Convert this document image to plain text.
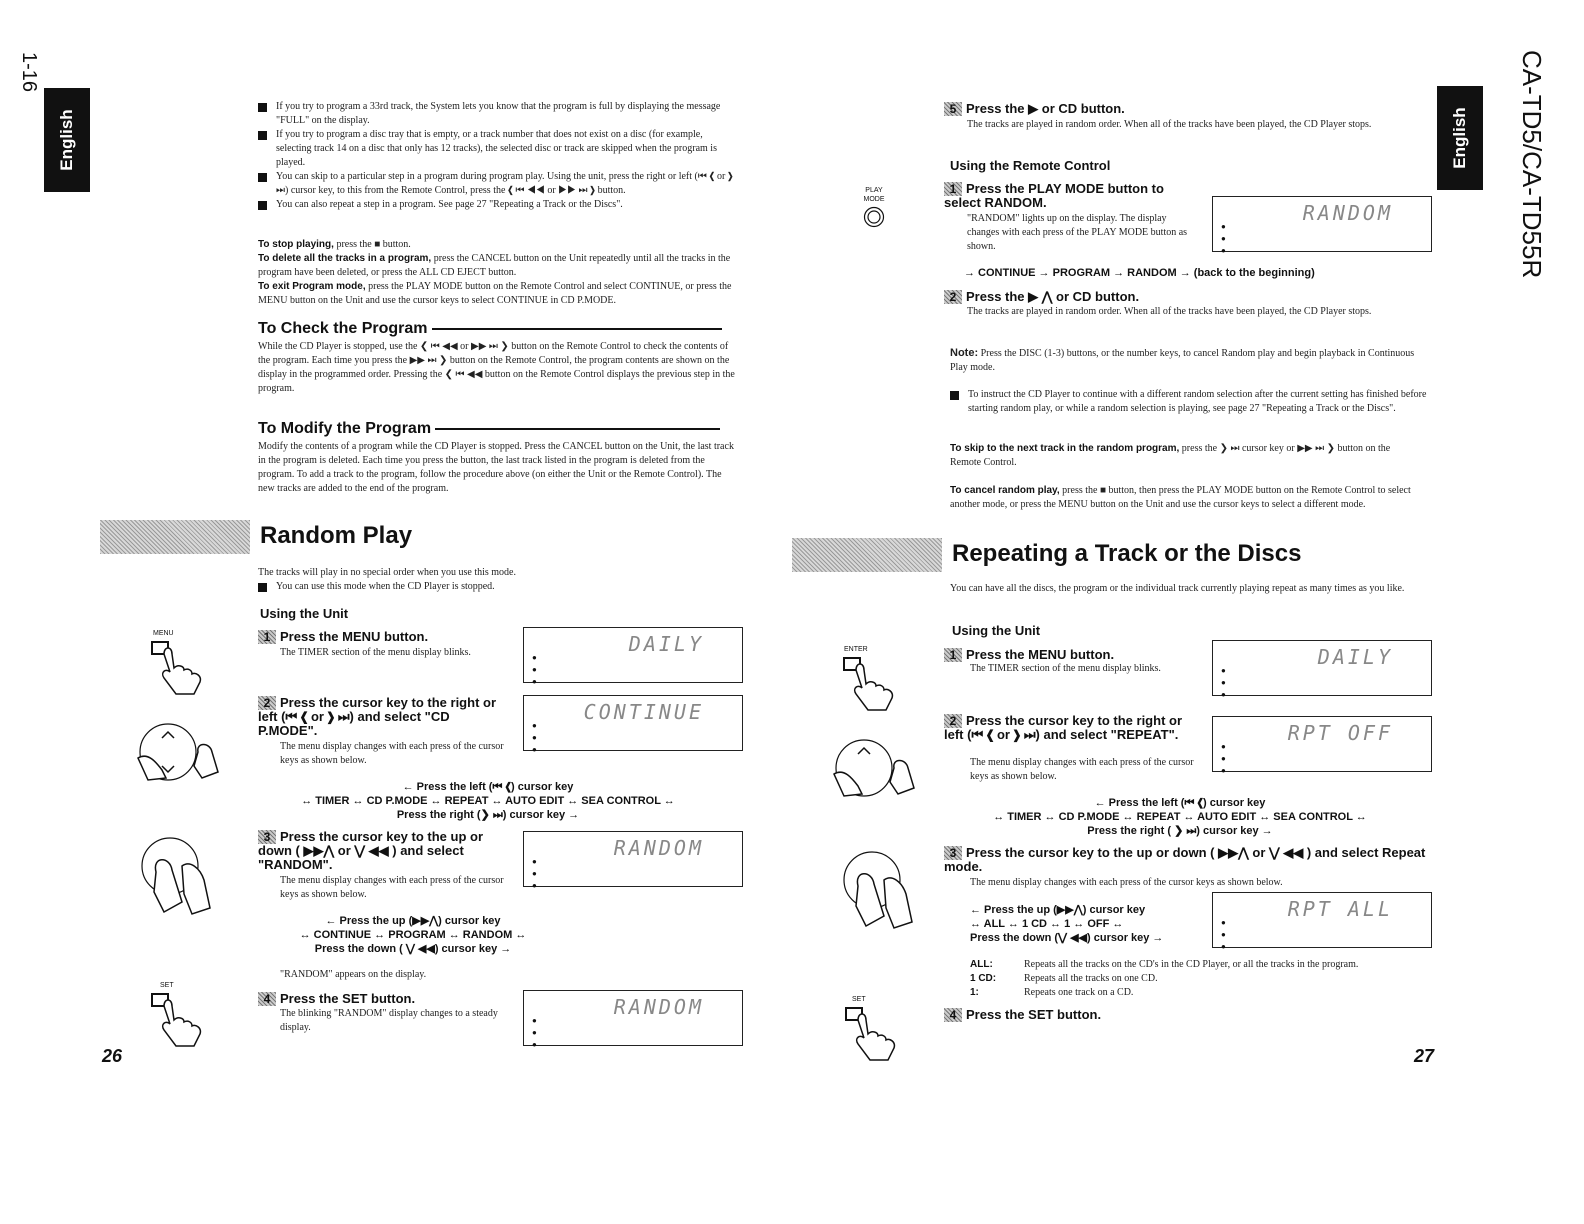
1-16
English
If you try to program a 33rd track, the System lets you know that the program is full by displaying the message "FULL" on the display.
If you try to program a disc tray that is empty, or a track number that does not exist on a disc (for example, selecting track 14 on a disc that only has 12 tracks), the selected disc or track are skipped when the program is played.
You can skip to a particular step in a program during program play. Using the unit, press the right or left (⏮ ❮ or ❯ ⏭) cursor key, to this from the Remote Control, press the ❮ ⏮ ◀◀ or ▶▶ ⏭ ❯ button.
You can also repeat a step in a program. See page 27 "Repeating a Track or the Discs".
To stop playing, press the ■ button.
To delete all the tracks in a program, press the CANCEL button on the Unit repeatedly until all the tracks in the program have been deleted, or press the ALL CD EJECT button.
To exit Program mode, press the PLAY MODE button on the Remote Control and select CONTINUE, or press the MENU button on the Unit and use the cursor keys to select CONTINUE in CD P.MODE.
To Check the Program
While the CD Player is stopped, use the ❮ ⏮ ◀◀ or ▶▶ ⏭ ❯ button on the Remote Control to check the contents of the program. Each time you press the ▶▶ ⏭ ❯ button on the Remote Control, the program contents are shown on the display in the programmed order. Pressing the ❮ ⏮ ◀◀ button on the Remote Control displays the previous step in the program.
To Modify the Program
Modify the contents of a program while the CD Player is stopped. Press the CANCEL button on the Unit, the last track in the program is deleted. Each time you press the button, the last track listed in the program is deleted from the program. To add a track to the program, follow the procedure above (on either the Unit or the Remote Control). The new tracks are added to the end of the program.
Random Play
The tracks will play in no special order when you use this mode.
You can use this mode when the CD Player is stopped.
Using the Unit
MENU	1 Press the MENU button.
The TIMER section of the menu display blinks.	DAILY
●
●
●
2 Press the cursor key to the right or left (⏮ ❮ or ❯ ⏭) and select "CD P.MODE".
The menu display changes with each press of the cursor keys as shown below.
CONTINUE
●
●
●
← Press the left (⏮ ❮) cursor key
↔ TIMER ↔ CD P.MODE ↔ REPEAT ↔ AUTO EDIT ↔ SEA CONTROL ↔
Press the right (❯ ⏭) cursor key →
3 Press the cursor key to the up or down ( ▶▶⋀ or ⋁ ◀◀ ) and select "RANDOM".
The menu display changes with each press of the cursor keys as shown below.
RANDOM
●
●
●
← Press the up (▶▶⋀) cursor key
↔ CONTINUE ↔ PROGRAM ↔ RANDOM ↔
Press the down ( ⋁ ◀◀) cursor key →
"RANDOM" appears on the display.
SET
4 Press the SET button.
The blinking "RANDOM" display changes to a steady display.
RANDOM
●
●
●
26
CA-TD5/CA-TD55R
English
5 Press the ▶ or CD button.
The tracks are played in random order. When all of the tracks have been played, the CD Player stops.
Using the Remote Control
PLAY MODE
1 Press the PLAY MODE button to select RANDOM.
"RANDOM" lights up on the display. The display changes with each press of the PLAY MODE button as shown.
RANDOM
●
●
●
→ CONTINUE → PROGRAM → RANDOM → (back to the beginning)
2 Press the ▶ ⋀ or CD button.
The tracks are played in random order. When all of the tracks have been played, the CD Player stops.
Note: Press the DISC (1-3) buttons, or the number keys, to cancel Random play and begin playback in Continuous Play mode.
To instruct the CD Player to continue with a different random selection after the current setting has finished before starting random play, or while a random selection is playing, see page 27 "Repeating a Track or the Discs".
To skip to the next track in the random program, press the ❯ ⏭ cursor key or ▶▶ ⏭ ❯ button on the Remote Control.
To cancel random play, press the ■ button, then press the PLAY MODE button on the Remote Control to select another mode, or press the MENU button on the Unit and use the cursor keys to select a different mode.
Repeating a Track or the Discs
You can have all the discs, the program or the individual track currently playing repeat as many times as you like.
Using the Unit
ENTER	1 Press the MENU button.
The TIMER section of the menu display blinks.	DAILY
●
●
●
2 Press the cursor key to the right or left (⏮ ❮ or ❯ ⏭) and select "REPEAT".
The menu display changes with each press of the cursor keys as shown below.
RPT OFF
●
●
●
← Press the left (⏮ ❮) cursor key
↔ TIMER ↔ CD P.MODE ↔ REPEAT ↔ AUTO EDIT ↔ SEA CONTROL ↔
Press the right ( ❯ ⏭) cursor key →
3 Press the cursor key to the up or down ( ▶▶⋀ or ⋁ ◀◀ ) and select Repeat mode.
The menu display changes with each press of the cursor keys as shown below.
← Press the up (▶▶⋀) cursor key
↔ ALL ↔ 1 CD ↔ 1 ↔ OFF ↔
Press the down (⋁ ◀◀) cursor key →
RPT ALL
●
●
●
ALL:	Repeats all the tracks on the CD's in the CD Player, or all the tracks in the program.
1 CD:	Repeats all the tracks on one CD.
1:	Repeats one track on a CD.
SET
4 Press the SET button.
27
